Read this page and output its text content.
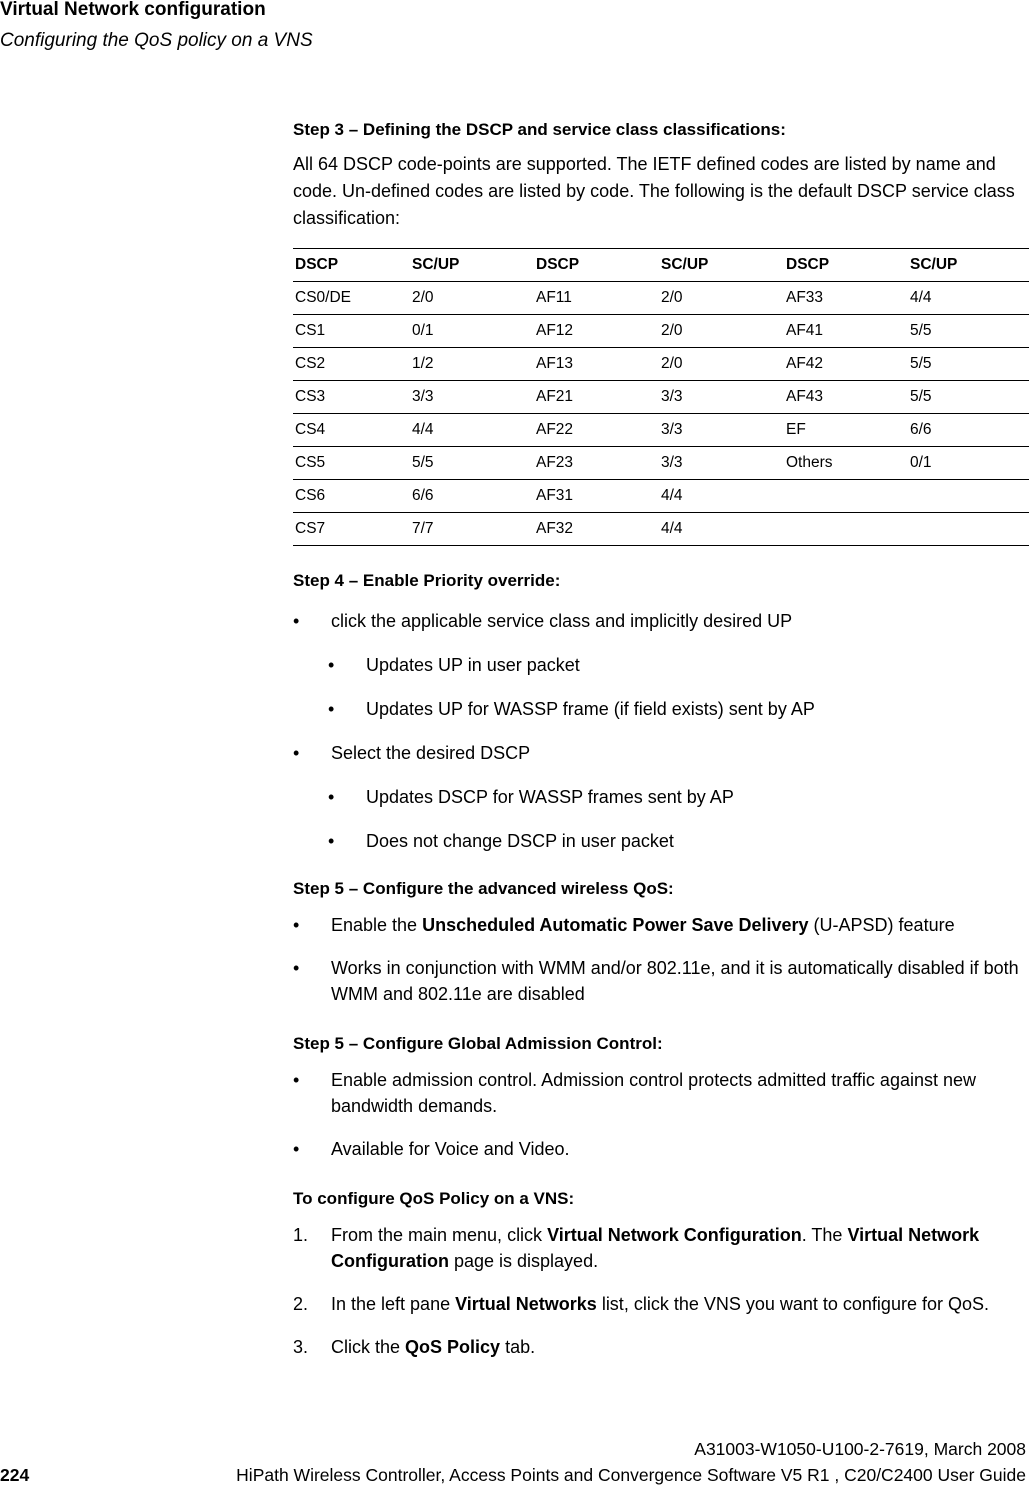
Virtual Network configuration
Configuring the QoS policy on a VNS
Step 3 – Defining the DSCP and service class classifications:

All 64 DSCP code-points are supported. The IETF defined codes are listed by name and code. Un-defined codes are listed by code. The following is the default DSCP service class classification:

DSCP	SC/UP	DSCP	SC/UP	DSCP	SC/UP
CS0/DE	2/0	AF11	2/0	AF33	4/4
CS1	0/1	AF12	2/0	AF41	5/5
CS2	1/2	AF13	2/0	AF42	5/5
CS3	3/3	AF21	3/3	AF43	5/5
CS4	4/4	AF22	3/3	EF	6/6
CS5	5/5	AF23	3/3	Others	0/1
CS6	6/6	AF31	4/4		
CS7	7/7	AF32	4/4		
Step 4 – Enable Priority override:
• click the applicable service class and implicitly desired UP
• Updates UP in user packet
• Updates UP for WASSP frame (if field exists) sent by AP
• Select the desired DSCP
• Updates DSCP for WASSP frames sent by AP
• Does not change DSCP in user packet
Step 5 – Configure the advanced wireless QoS:
• Enable the Unscheduled Automatic Power Save Delivery (U-APSD) feature
• Works in conjunction with WMM and/or 802.11e, and it is automatically disabled if both WMM and 802.11e are disabled
Step 5 – Configure Global Admission Control:
• Enable admission control. Admission control protects admitted traffic against new bandwidth demands.
• Available for Voice and Video.
To configure QoS Policy on a VNS:
1. From the main menu, click Virtual Network Configuration. The Virtual Network Configuration page is displayed.
2. In the left pane Virtual Networks list, click the VNS you want to configure for QoS.
3. Click the QoS Policy tab.
A31003-W1050-U100-2-7619, March 2008
224	HiPath Wireless Controller, Access Points and Convergence Software V5 R1 , C20/C2400 User Guide
